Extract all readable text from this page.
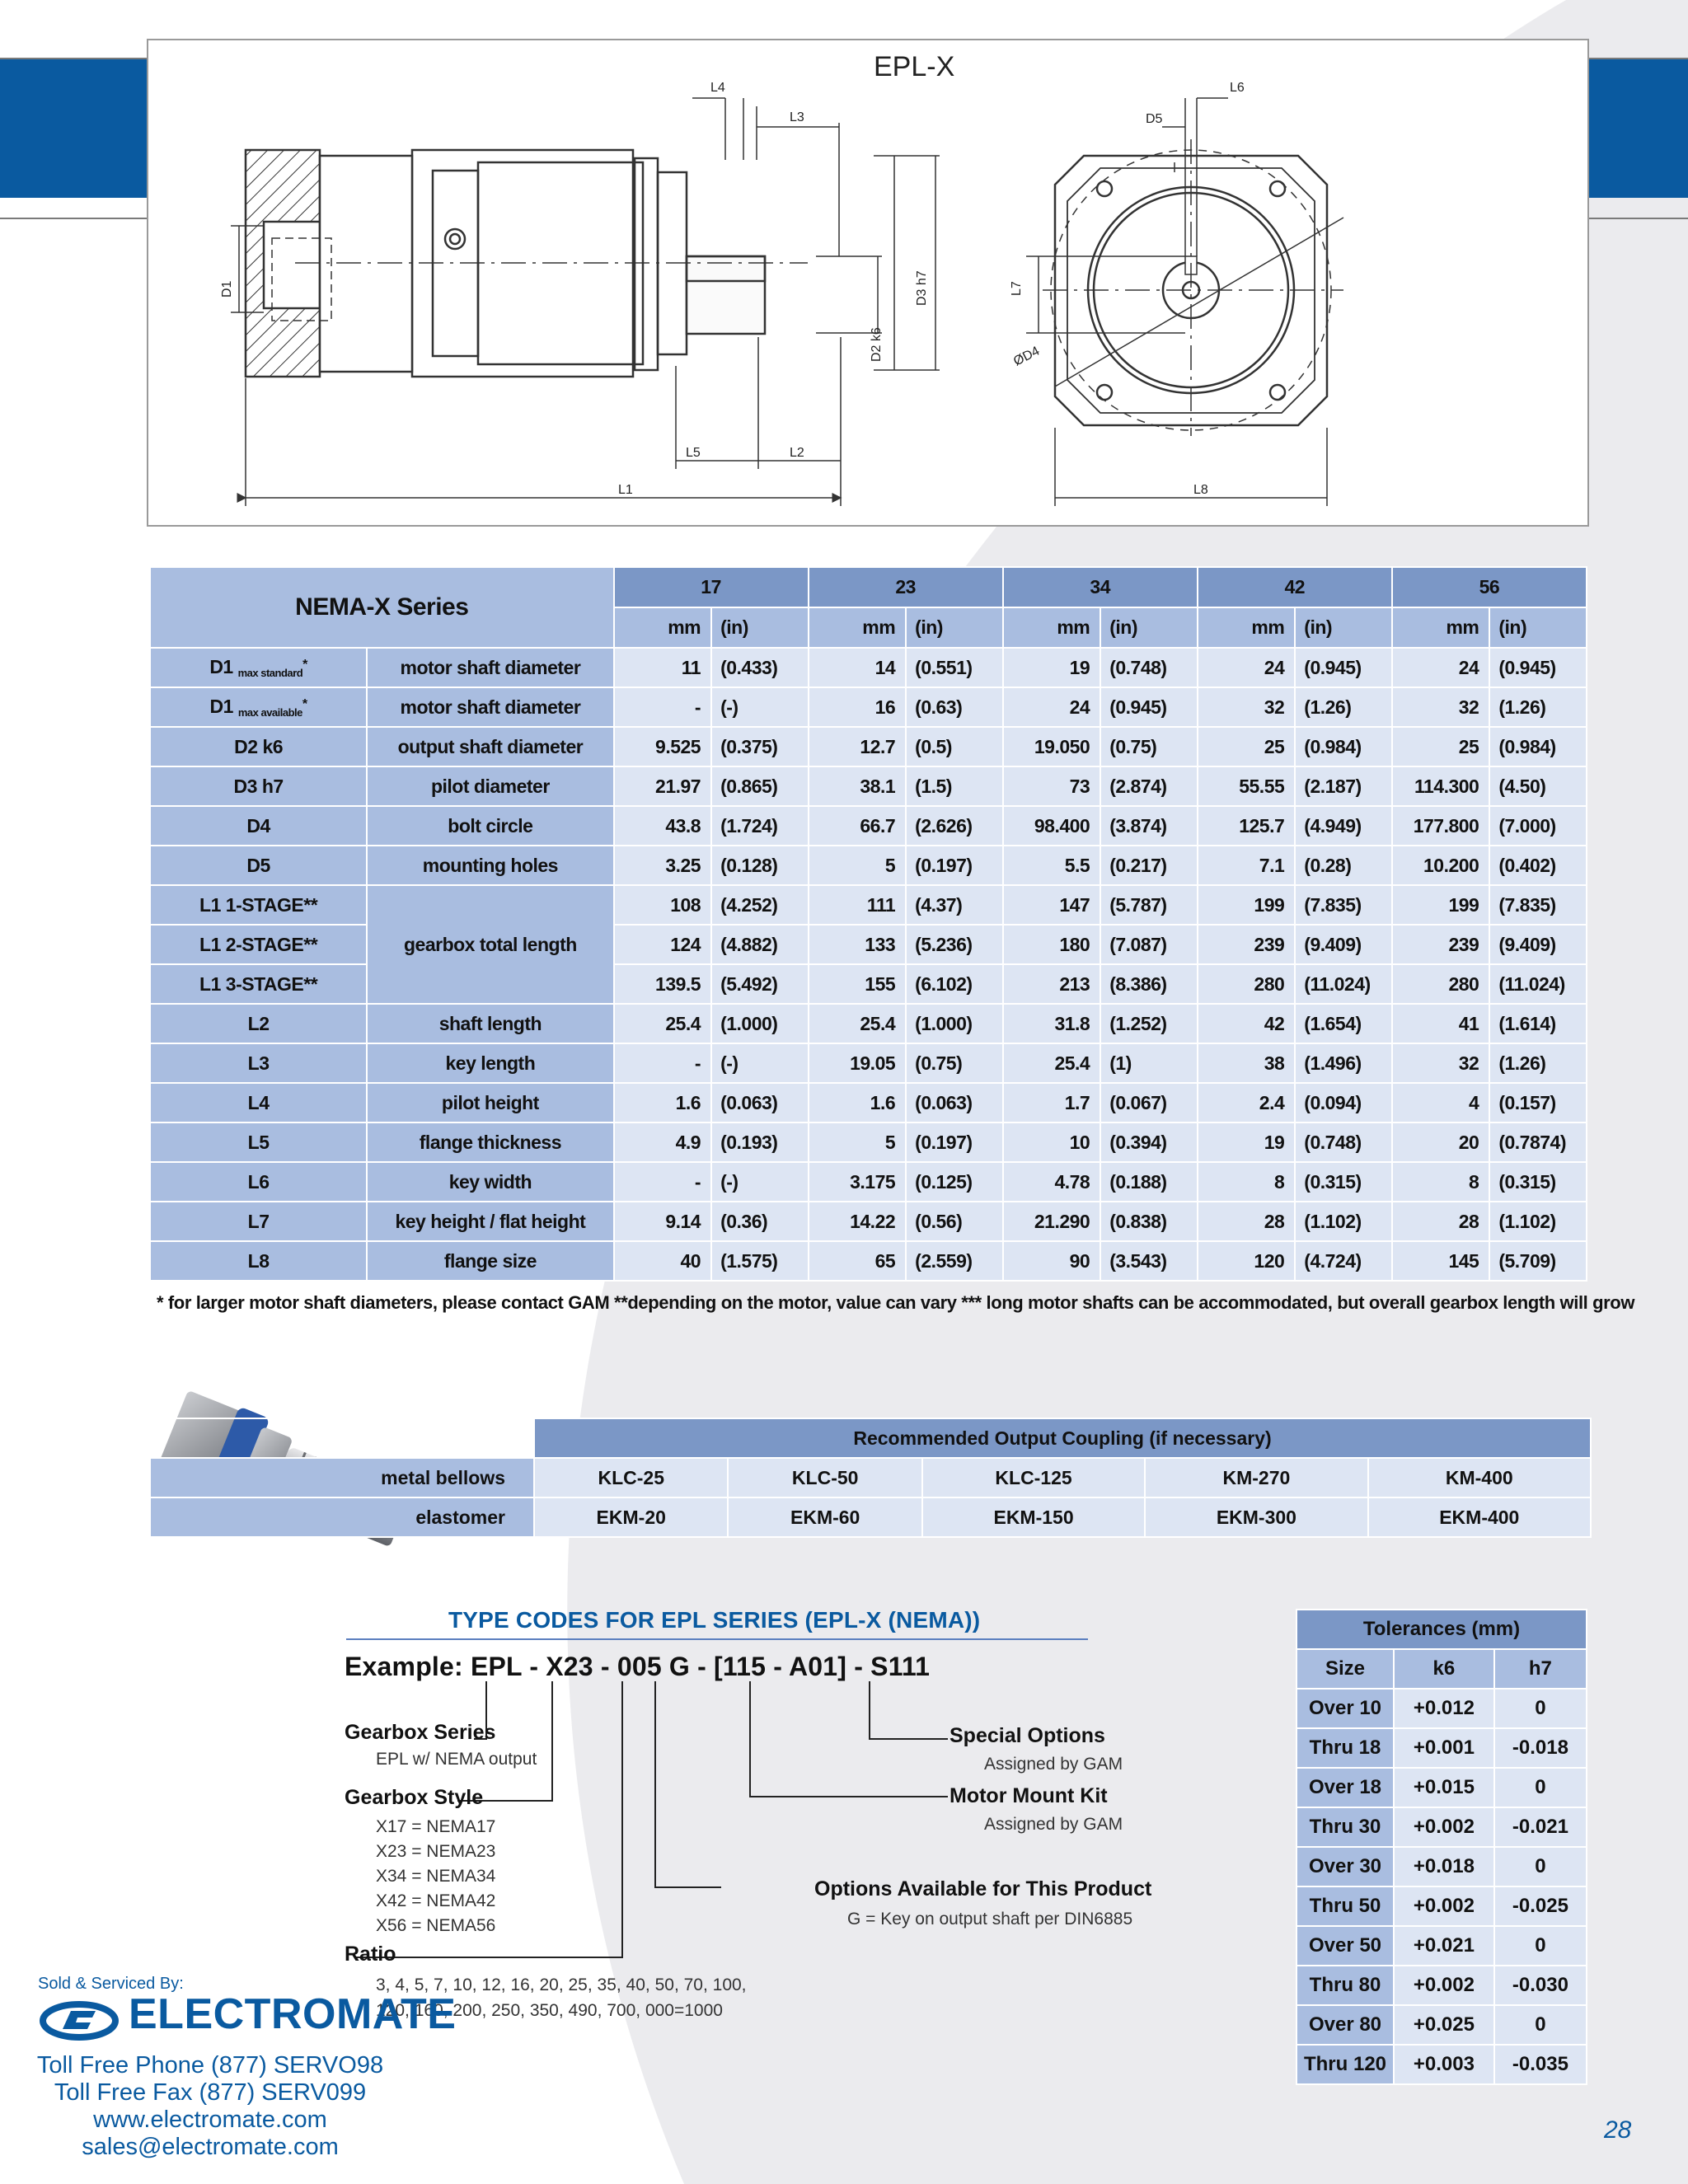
L4
L3
L6
D5
L5	L2
L1	L8
D1
D2 k6
D3 h7	L7
ØD4
EPL-X
NEMA-X Series		17		23		34		42		56	
		mm	(in)	mm	(in)	mm	(in)	mm	(in)	mm	(in)
D1 $_{max standard}$*	motor shaft diameter	11	(0.433)	14	(0.551)	19	(0.748)	24	(0.945)	24	(0.945)
D1 $_{max available}$*	motor shaft diameter	-	(-)	16	(0.63)	24	(0.945)	32	(1.26)	32	(1.26)
D2 k6	output shaft diameter	9.525	(0.375)	12.7	(0.5)	19.050	(0.75)	25	(0.984)	25	(0.984)
D3 h7	pilot diameter	21.97	(0.865)	38.1	(1.5)	73	(2.874)	55.55	(2.187)	114.300	(4.50)
D4	bolt circle	43.8	(1.724)	66.7	(2.626)	98.400	(3.874)	125.7	(4.949)	177.800	(7.000)
D5	mounting holes	3.25	(0.128)	5	(0.197)	5.5	(0.217)	7.1	(0.28)	10.200	(0.402)
L1 1-STAGE**	gearbox total length	108	(4.252)	111	(4.37)	147	(5.787)	199	(7.835)	199	(7.835)
L1 2-STAGE**		124	(4.882)	133	(5.236)	180	(7.087)	239	(9.409)	239	(9.409)
L1 3-STAGE**		139.5	(5.492)	155	(6.102)	213	(8.386)	280	(11.024)	280	(11.024)
L2	shaft length	25.4	(1.000)	25.4	(1.000)	31.8	(1.252)	42	(1.654)	41	(1.614)
L3	key length	-	(-)	19.05	(0.75)	25.4	(1)	38	(1.496)	32	(1.26)
L4	pilot height	1.6	(0.063)	1.6	(0.063)	1.7	(0.067)	2.4	(0.094)	4	(0.157)
L5	flange thickness	4.9	(0.193)	5	(0.197)	10	(0.394)	19	(0.748)	20	(0.7874)
L6	key width	-	(-)	3.175	(0.125)	4.78	(0.188)	8	(0.315)	8	(0.315)
L7	key height / flat height	9.14	(0.36)	14.22	(0.56)	21.290	(0.838)	28	(1.102)	28	(1.102)
L8	flange size	40	(1.575)	65	(2.559)	90	(3.543)	120	(4.724)	145	(5.709)
* for larger motor shaft diameters, please contact GAM **depending on the motor, value can vary *** long motor shafts can be accommodated, but overall gearbox length will grow
	Recommended Output Coupling (if necessary)				
metal bellows	KLC-25	KLC-50	KLC-125	KM-270	KM-400
elastomer	EKM-20	EKM-60	EKM-150	EKM-300	EKM-400
TYPE CODES FOR EPL SERIES (EPL-X (NEMA))
Example: EPL - X23 - 005 G - [115 - A01] - S111
Gearbox Series
EPL w/ NEMA output
Gearbox Style
X17 = NEMA17
X23 = NEMA23
X34 = NEMA34
X42 = NEMA42
X56 = NEMA56
Ratio
3, 4, 5, 7, 10, 12, 16, 20, 25, 35, 40, 50, 70, 100,
120, 160, 200, 250, 350, 490, 700, 000=1000
Special Options
Assigned by GAM
Motor Mount Kit
Assigned by GAM
Options Available for This Product
G = Key on output shaft per DIN6885
Tolerances (mm)		
Size	k6	h7
Over 10	+0.012	0
Thru 18	+0.001	-0.018
Over 18	+0.015	0
Thru 30	+0.002	-0.021
Over 30	+0.018	0
Thru 50	+0.002	-0.025
Over 50	+0.021	0
Thru 80	+0.002	-0.030
Over 80	+0.025	0
Thru 120	+0.003	-0.035
Sold & Serviced By:
ELECTROMATE
Toll Free Phone (877) SERVO98
Toll Free Fax (877) SERV099
www.electromate.com
sales@electromate.com
28
